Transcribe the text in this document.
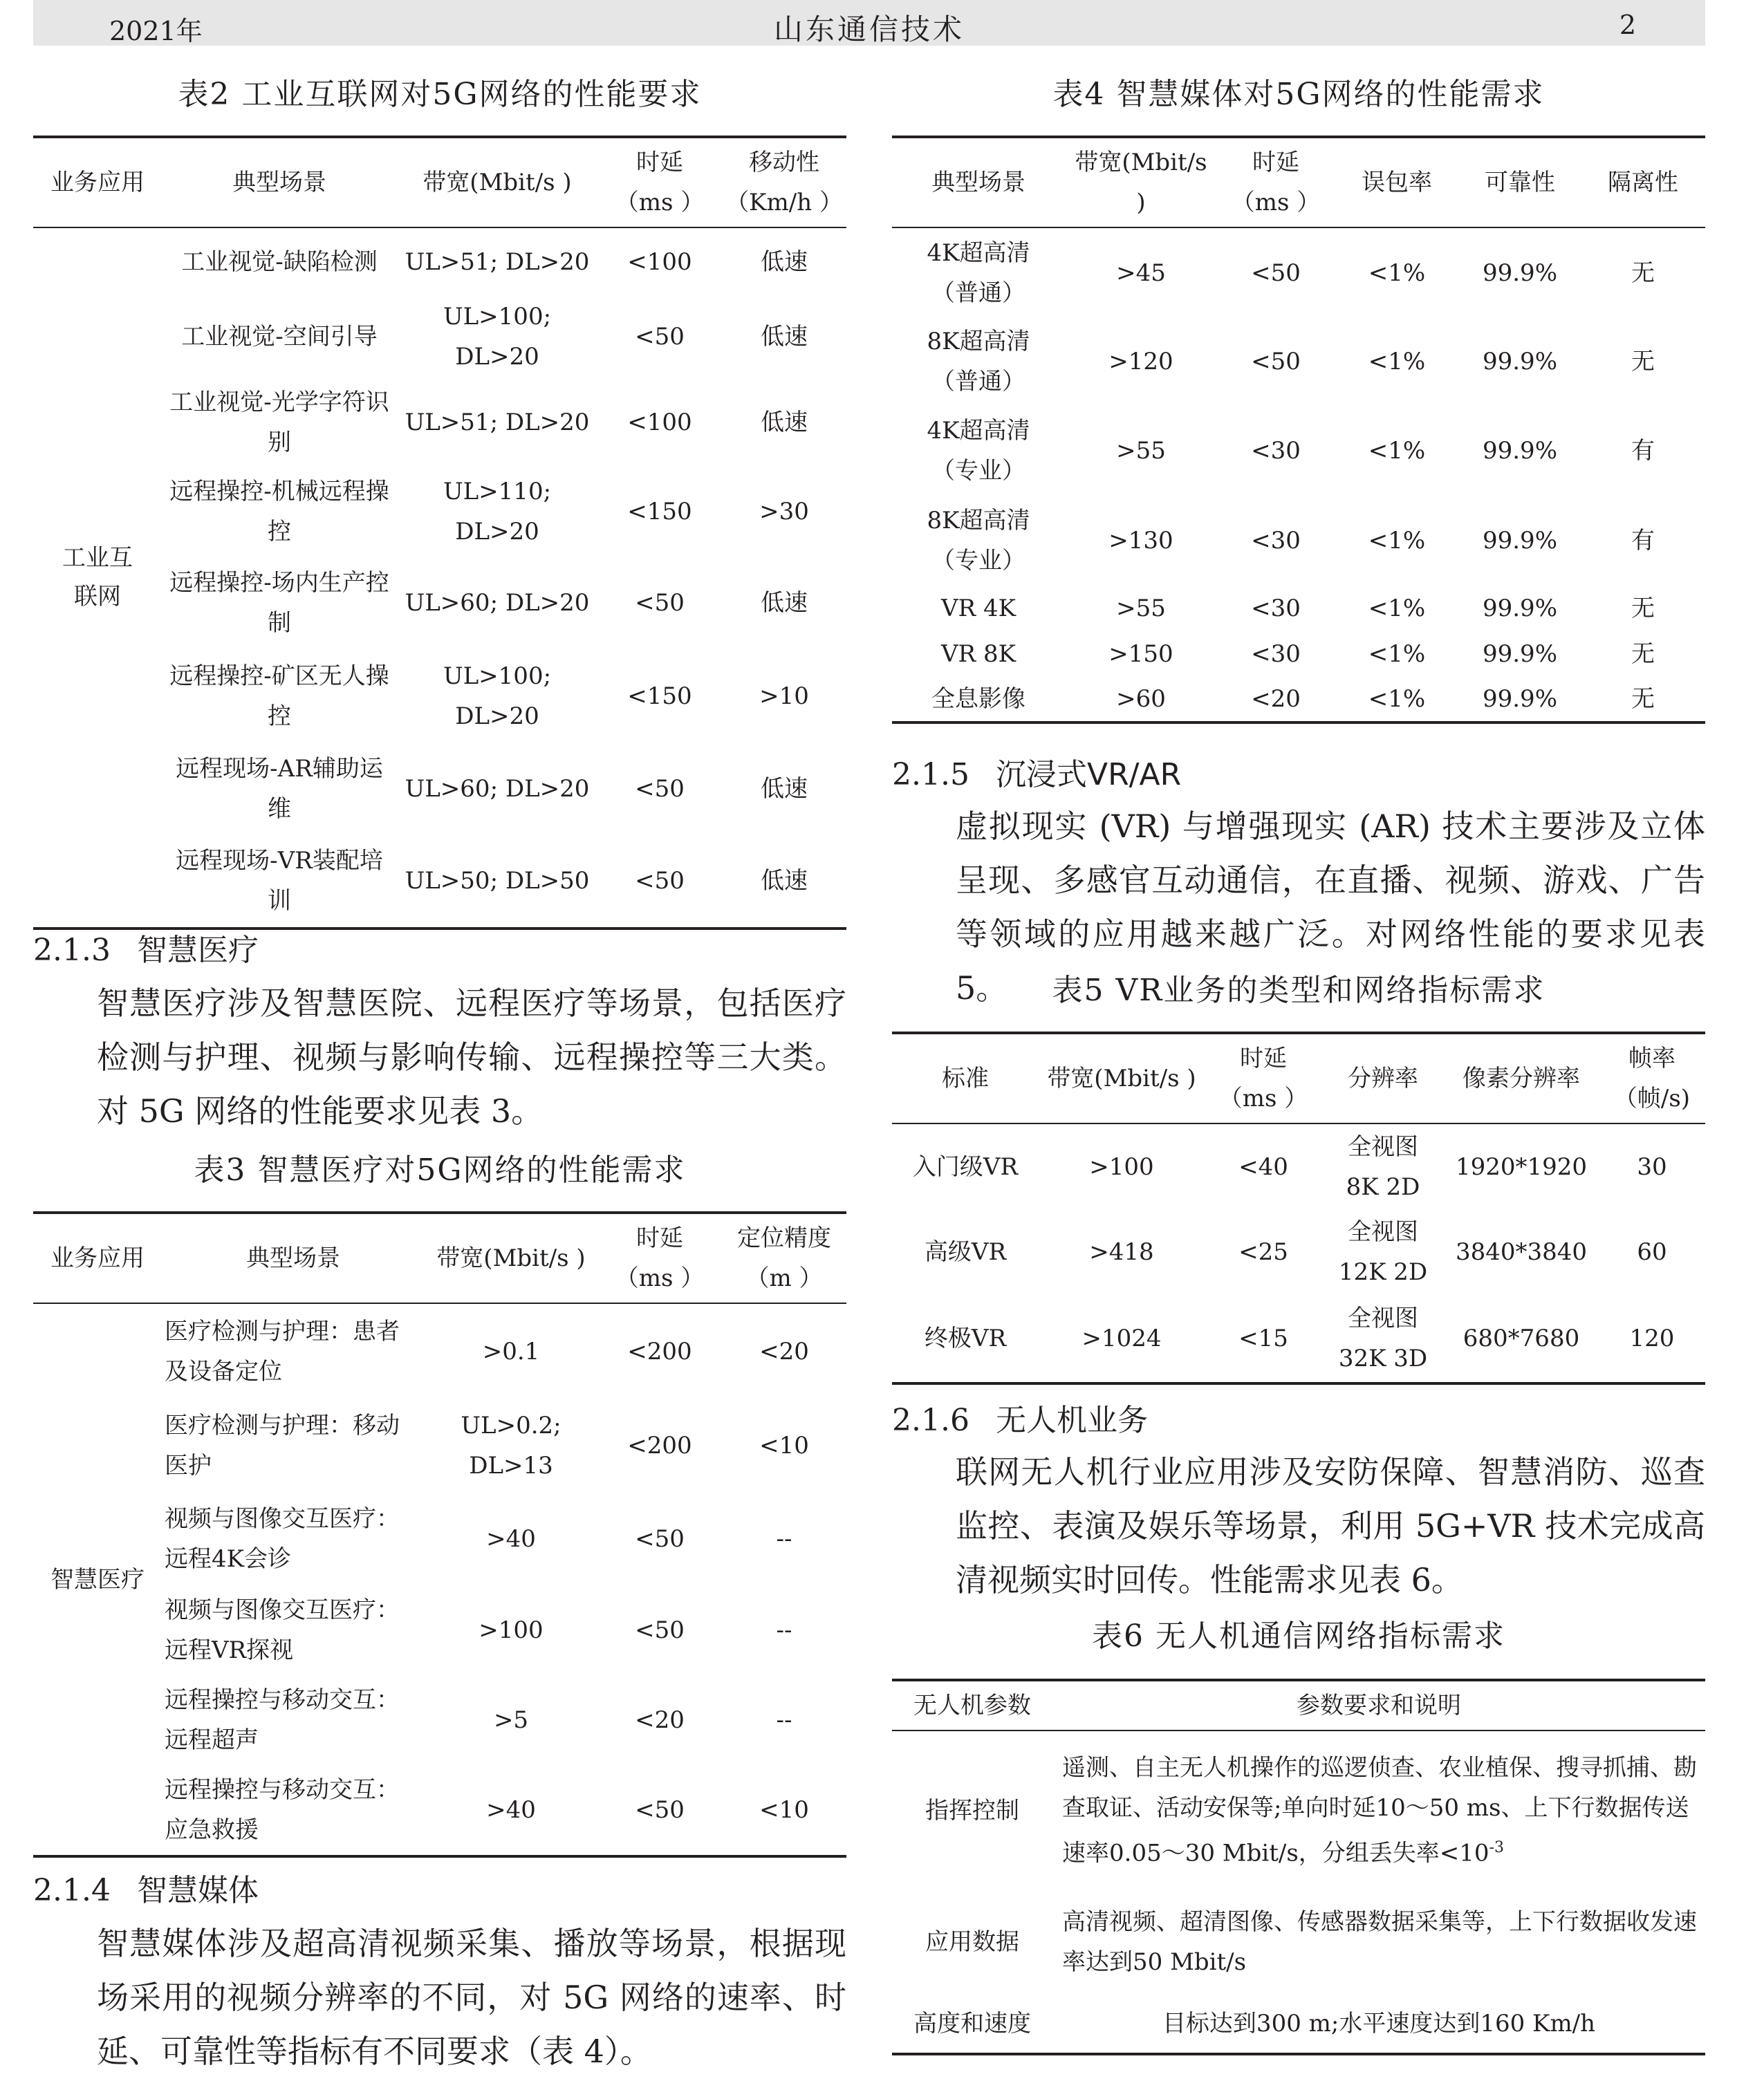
2021年	山东通信技术	2
表2 工业互联网对5G网络的性能要求
业务应用	典型场景	带宽(Mbit/s )	时延
（ms ）	移动性
（Km/h ）

工业互联网	工业视觉-缺陷检测	UL>51; DL>20	<100	低速
	工业视觉-空间引导	UL>100; DL>20	<50	低速
	工业视觉-光学字符识别	UL>51; DL>20	<100	低速
	远程操控-机械远程操控	UL>110; DL>20	<150	>30
	远程操控-场内生产控制	UL>60; DL>20	<50	低速
	远程操控-矿区无人操控	UL>100; DL>20	<150	>10
	远程现场-AR辅助运维	UL>60; DL>20	<50	低速
	远程现场-VR装配培训	UL>50; DL>50	<50	低速
2.1.3 智慧医疗
智慧医疗涉及智慧医院、远程医疗等场景，包括医疗检测与护理、视频与影响传输、远程操控等三大类。对 5G 网络的性能要求见表 3。
表3 智慧医疗对5G网络的性能需求
业务应用	典型场景	带宽(Mbit/s )	时延
（ms ）	定位精度
（m ）

智慧医疗	医疗检测与护理：患者及设备定位	>0.1	<200	<20
	医疗检测与护理：移动医护	UL>0.2; DL>13	<200	<10
	视频与图像交互医疗：远程4K会诊	>40	<50	--
	视频与图像交互医疗：远程VR探视	>100	<50	--
	远程操控与移动交互：远程超声	>5	<20	--
	远程操控与移动交互：应急救援	>40	<50	<10
2.1.4 智慧媒体
智慧媒体涉及超高清视频采集、播放等场景，根据现场采用的视频分辨率的不同，对 5G 网络的速率、时延、可靠性等指标有不同要求（表 4）。
表4 智慧媒体对5G网络的性能需求
典型场景	带宽(Mbit/s )	时延
（ms ）	误包率	可靠性	隔离性

4K超高清
（普通）	>45	<50	<1%	99.9%	无

8K超高清
（普通）	>120	<50	<1%	99.9%	无

4K超高清
（专业）	>55	<30	<1%	99.9%	有

8K超高清
（专业）	>130	<30	<1%	99.9%	有
VR 4K	>55	<30	<1%	99.9%	无
VR 8K	>150	<30	<1%	99.9%	无
全息影像	>60	<20	<1%	99.9%	无
2.1.5 沉浸式VR/AR
虚拟现实 (VR) 与增强现实 (AR) 技术主要涉及立体呈现、多感官互动通信，在直播、视频、游戏、广告等领域的应用越来越广泛。对网络性能的要求见表 5。	表5 VR业务的类型和网络指标需求
标准	带宽(Mbit/s )	时延
（ms ）	分辨率	像素分辨率	帧率
（帧/s)

入门级VR	>100	<40	全视图
8K 2D	1920*1920	30
高级VR	>418	<25	全视图
12K 2D	3840*3840	60
终极VR	>1024	<15	全视图
32K 3D	680*7680	120
2.1.6 无人机业务
联网无人机行业应用涉及安防保障、智慧消防、巡查监控、表演及娱乐等场景，利用 5G+VR 技术完成高清视频实时回传。性能需求见表 6。
表6 无人机通信网络指标需求
无人机参数	参数要求和说明
指挥控制	遥测、自主无人机操作的巡逻侦查、农业植保、搜寻抓捕、勘查取证、活动安保等;单向时延10～50 ms、上下行数据传送速率0.05～30 Mbit/s，分组丢失率$<10^{-3}$
应用数据	高清视频、超清图像、传感器数据采集等，上下行数据收发速率达到50 Mbit/s
高度和速度	目标达到300 m;水平速度达到160 Km/h
